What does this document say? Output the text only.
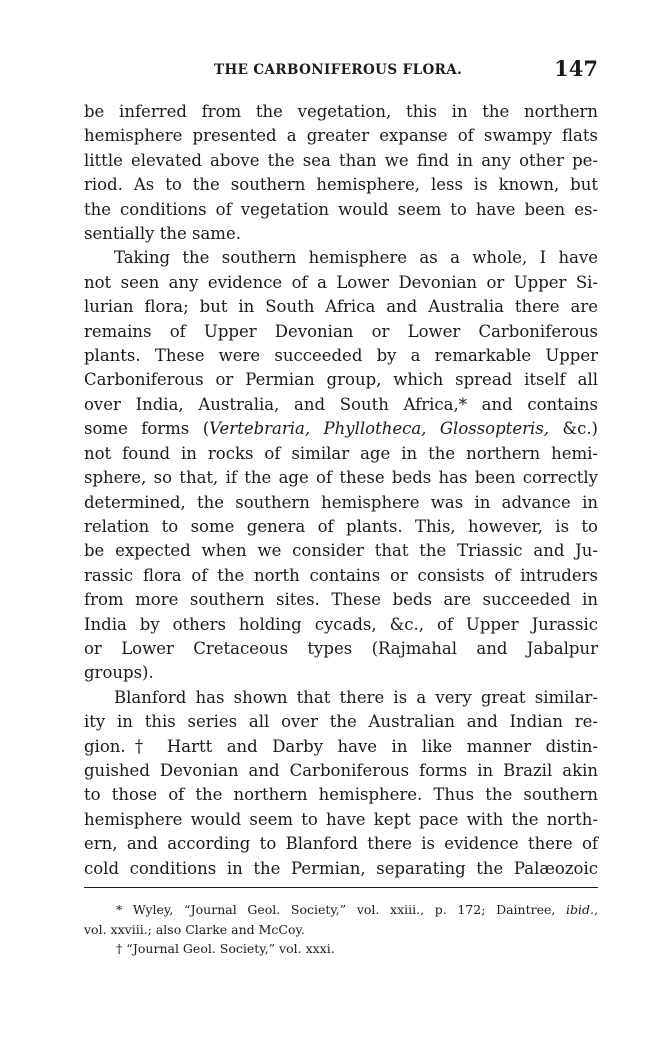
THE CARBONIFEROUS FLORA.	147

be inferred from the vegetation, this in the northern
hemisphere presented a greater expanse of swampy flats
little elevated above the sea than we find in any other pe-
riod. As to the southern hemisphere, less is known, but
the conditions of vegetation would seem to have been es-
sentially the same.

Taking the southern hemisphere as a whole, I have
not seen any evidence of a Lower Devonian or Upper Si-
lurian flora; but in South Africa and Australia there are
remains of Upper Devonian or Lower Carboniferous
plants. These were succeeded by a remarkable Upper
Carboniferous or Permian group, which spread itself all
over India, Australia, and South Africa,* and contains
some forms (Vertebraria, Phyllotheca, Glossopteris, &c.)
not found in rocks of similar age in the northern hemi-
sphere, so that, if the age of these beds has been correctly
determined, the southern hemisphere was in advance in
relation to some genera of plants. This, however, is to
be expected when we consider that the Triassic and Ju-
rassic flora of the north contains or consists of intruders
from more southern sites. These beds are succeeded in
India by others holding cycads, &c., of Upper Jurassic
or Lower Cretaceous types (Rajmahal and Jabalpur
groups).

Blanford has shown that there is a very great similar-
ity in this series all over the Australian and Indian re-
gion.† Hartt and Darby have in like manner distin-
guished Devonian and Carboniferous forms in Brazil akin
to those of the northern hemisphere. Thus the southern
hemisphere would seem to have kept pace with the north-
ern, and according to Blanford there is evidence there of
cold conditions in the Permian, separating the Palæozoic

* Wyley, “Journal Geol. Society,” vol. xxiii., p. 172; Daintree, ibid.,
vol. xxviii.; also Clarke and McCoy.
† “Journal Geol. Society,” vol. xxxi.
